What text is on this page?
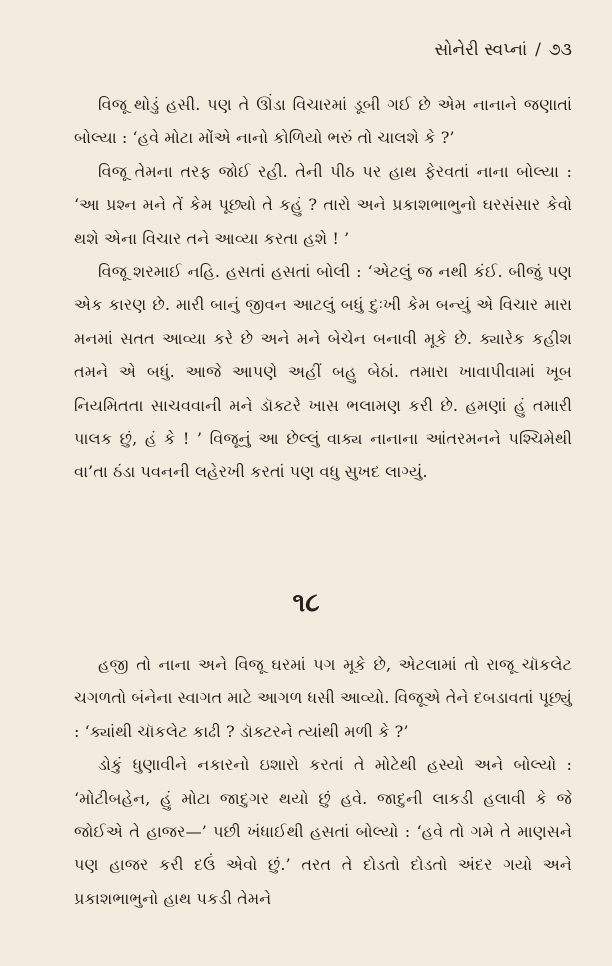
સોનેરી સ્વપ્નાં / ૭૩

વિજૂ થોડું હસી. પણ તે ઊંડા વિચારમાં ડૂબી ગઈ છે એમ નાનાને જણાતાં બોલ્યા : ‘હવે મોટા મોંએ નાનો કોળિયો ભરું તો ચાલશે કે ?’

વિજૂ તેમના તરફ જોઈ રહી. તેની પીઠ પર હાથ ફેરવતાં નાના બોલ્યા : ‘આ પ્રશ્ન મને તેં કેમ પૂછ્યો તે કહું ? તારો અને પ્રકાશભાભુનો ઘરસંસાર કેવો થશે એના વિચાર તને આવ્યા કરતા હશે ! ’

વિજૂ શરમાઈ નહિ. હસતાં હસતાં બોલી : ‘એટલું જ નથી કંઈ. બીજું પણ એક કારણ છે. મારી બાનું જીવન આટલું બધું દુઃખી કેમ બન્યું એ વિચાર મારા મનમાં સતત આવ્યા કરે છે અને મને બેચેન બનાવી મૂકે છે. ક્યારેક કહીશ તમને એ બધું. આજે આપણે અહીં બહુ બેઠાં. તમારા ખાવાપીવામાં ખૂબ નિયમિતતા સાચવવાની મને ડૉક્ટરે ખાસ ભલામણ કરી છે. હમણાં હું તમારી પાલક છું, હં કે ! ’ વિજૂનું આ છેલ્લું વાક્ય નાનાના આંતરમનને પશ્ચિમેથી વા’તા ઠંડા પવનની લહેરખી કરતાં પણ વધુ સુખદ લાગ્યું.

૧૮

હજી તો નાના અને વિજૂ ઘરમાં પગ મૂકે છે, એટલામાં તો રાજૂ ચૉકલેટ ચગળતો બંનેના સ્વાગત માટે આગળ ધસી આવ્યો. વિજૂએ તેને દબડાવતાં પૂછ્યું : ‘ક્યાંથી ચૉકલેટ કાઢી ? ડૉક્ટરને ત્યાંથી મળી કે ?’

ડોકું ધુણાવીને નકારનો ઇશારો કરતાં તે મોટેથી હસ્યો અને બોલ્યો : ‘મોટીબહેન, હું મોટા જાદુગર થયો છું હવે. જાદુની લાકડી હલાવી કે જે જોઈએ તે હાજર—’ પછી ખંધાઈથી હસતાં બોલ્યો : ‘હવે તો ગમે તે માણસને પણ હાજર કરી દઉં એવો છું.’ તરત તે દોડતો દોડતો અંદર ગયો અને પ્રકાશભાભુનો હાથ પકડી તેમને
